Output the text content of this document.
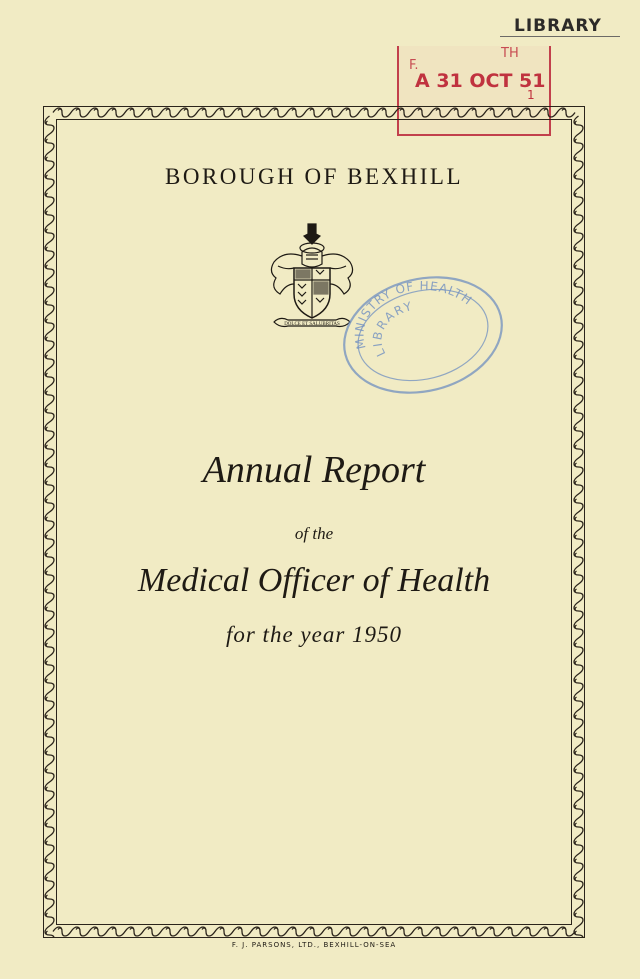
LIBRARY
F.
TH
A 31 OCT 51
1
BOROUGH OF BEXHILL
DOLCE ET SALUBRITAS
MINISTRY OF HEALTH
LIBRARY
Annual Report
of the
Medical Officer of Health
for the year 1950
F. J. PARSONS, LTD., BEXHILL-ON-SEA
